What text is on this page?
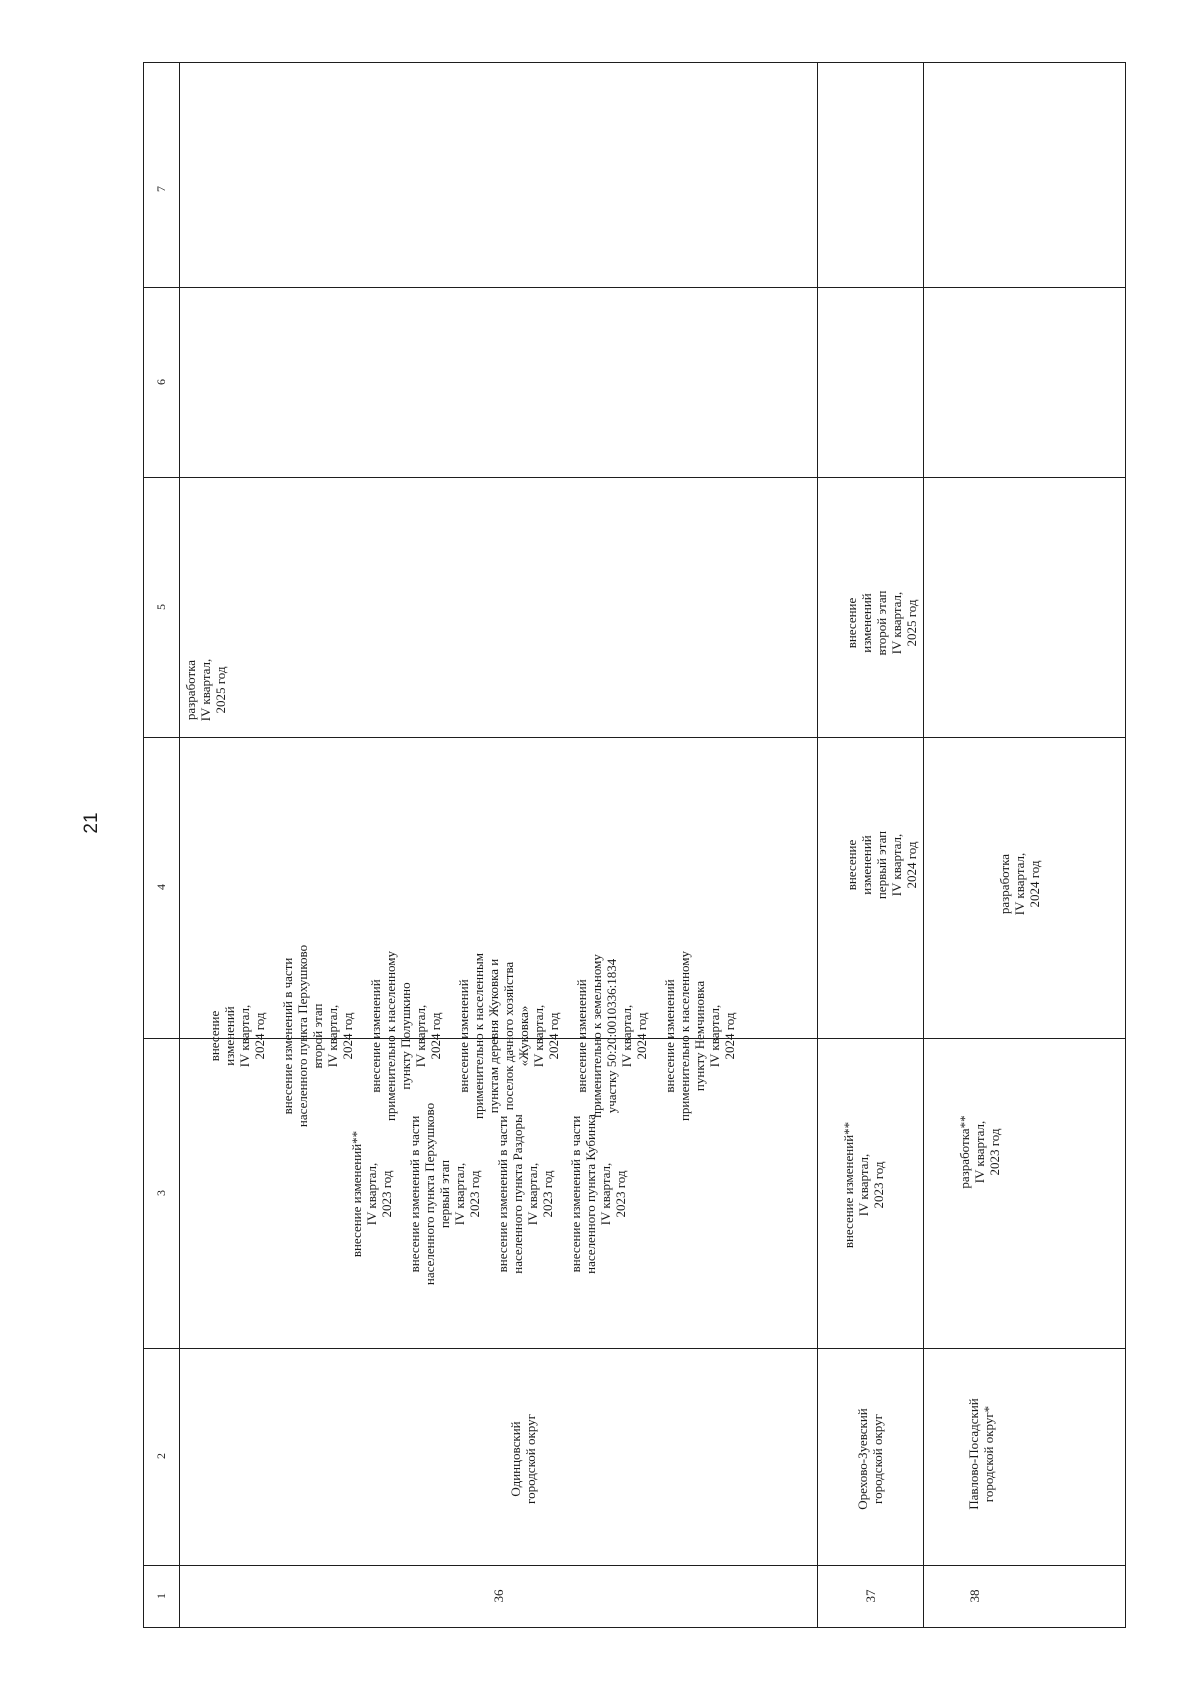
21
1
2
3
4
5
6
7
36
Одинцовский городской округ
внесение изменений** IV квартал, 2023 год внесение изменений в части населенного пункта Перхушково первый этап IV квартал, 2023 год внесение изменений в части населенного пункта Раздоры IV квартал, 2023 год внесение изменений в части населенного пункта Кубинка IV квартал, 2023 год
внесение изменений IV квартал, 2024 год внесение изменений в части населенного пункта Перхушково второй этап IV квартал, 2024 год внесение изменений применительно к населенному пункту Полушкино IV квартал, 2024 год внесение изменений применительно к населенным пунктам деревня Жуковка и поселок дачного хозяйства «Жуковка» IV квартал, 2024 год внесение изменений применительно к земельному участку 50:20:0010336:1834 IV квартал, 2024 год внесение изменений применительно к населенному пункту Немчиновка IV квартал, 2024 год
разработка IV квартал, 2025 год
37
Орехово-Зуевский городской округ
внесение изменений** IV квартал, 2023 год
внесение изменений первый этап IV квартал, 2024 год
внесение изменений второй этап IV квартал, 2025 год
38
Павлово-Посадский городской округ*
разработка** IV квартал, 2023 год
разработка IV квартал, 2024 год
